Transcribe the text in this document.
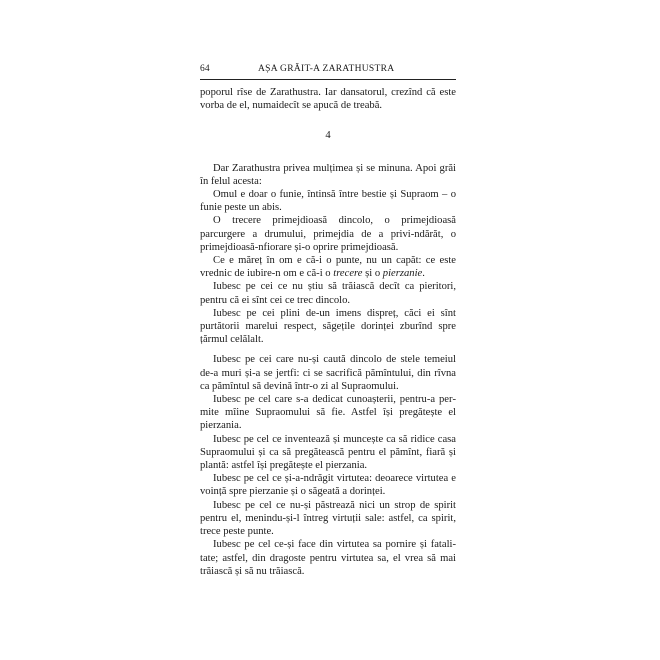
64	AȘA GRĂIT-A ZARATHUSTRA

poporul rîse de Zarathustra. Iar dansatorul, crezînd că este vorba de el, numaidecît se apucă de treabă.

4

Dar Zarathustra privea mulțimea și se minuna. Apoi grăi în felul acesta:

Omul e doar o funie, întinsă între bestie și Supraom – o funie peste un abis.

O trecere primejdioasă dincolo, o primejdioasă parcurgere a drumului, primejdia de a privi-ndărăt, o primejdioasă-nfiorare și-o oprire primejdioasă.

Ce e măreț în om e că-i o punte, nu un capăt: ce este vrednic de iubire-n om e că-i o trecere și o pierzanie.

Iubesc pe cei ce nu știu să trăiască decît ca pieritori, pentru că ei sînt cei ce trec dincolo.

Iubesc pe cei plini de-un imens dispreț, căci ei sînt purtătorii marelui respect, săgețile dorinței zburînd spre țărmul celălalt.

Iubesc pe cei care nu-și caută dincolo de stele temeiul de-a muri și-a se jertfi: ci se sacrifică pămîntului, din rîvna ca pămîntul să devină într-o zi al Supraomului.

Iubesc pe cel care s-a dedicat cunoașterii, pentru-a permite mîine Supraomului să fie. Astfel își pregătește el pierzania.

Iubesc pe cel ce inventează și muncește ca să ridice casa Supraomului și ca să pregătească pentru el pămînt, fiară și plantă: astfel își pregătește el pierzania.

Iubesc pe cel ce și-a-ndrăgit virtutea: deoarece virtutea e voință spre pierzanie și o săgeată a dorinței.

Iubesc pe cel ce nu-și păstrează nici un strop de spirit pentru el, menindu-și-l întreg virtuții sale: astfel, ca spirit, trece peste punte.

Iubesc pe cel ce-și face din virtutea sa pornire și fatalitate; astfel, din dragoste pentru virtutea sa, el vrea să mai trăiască și să nu trăiască.
